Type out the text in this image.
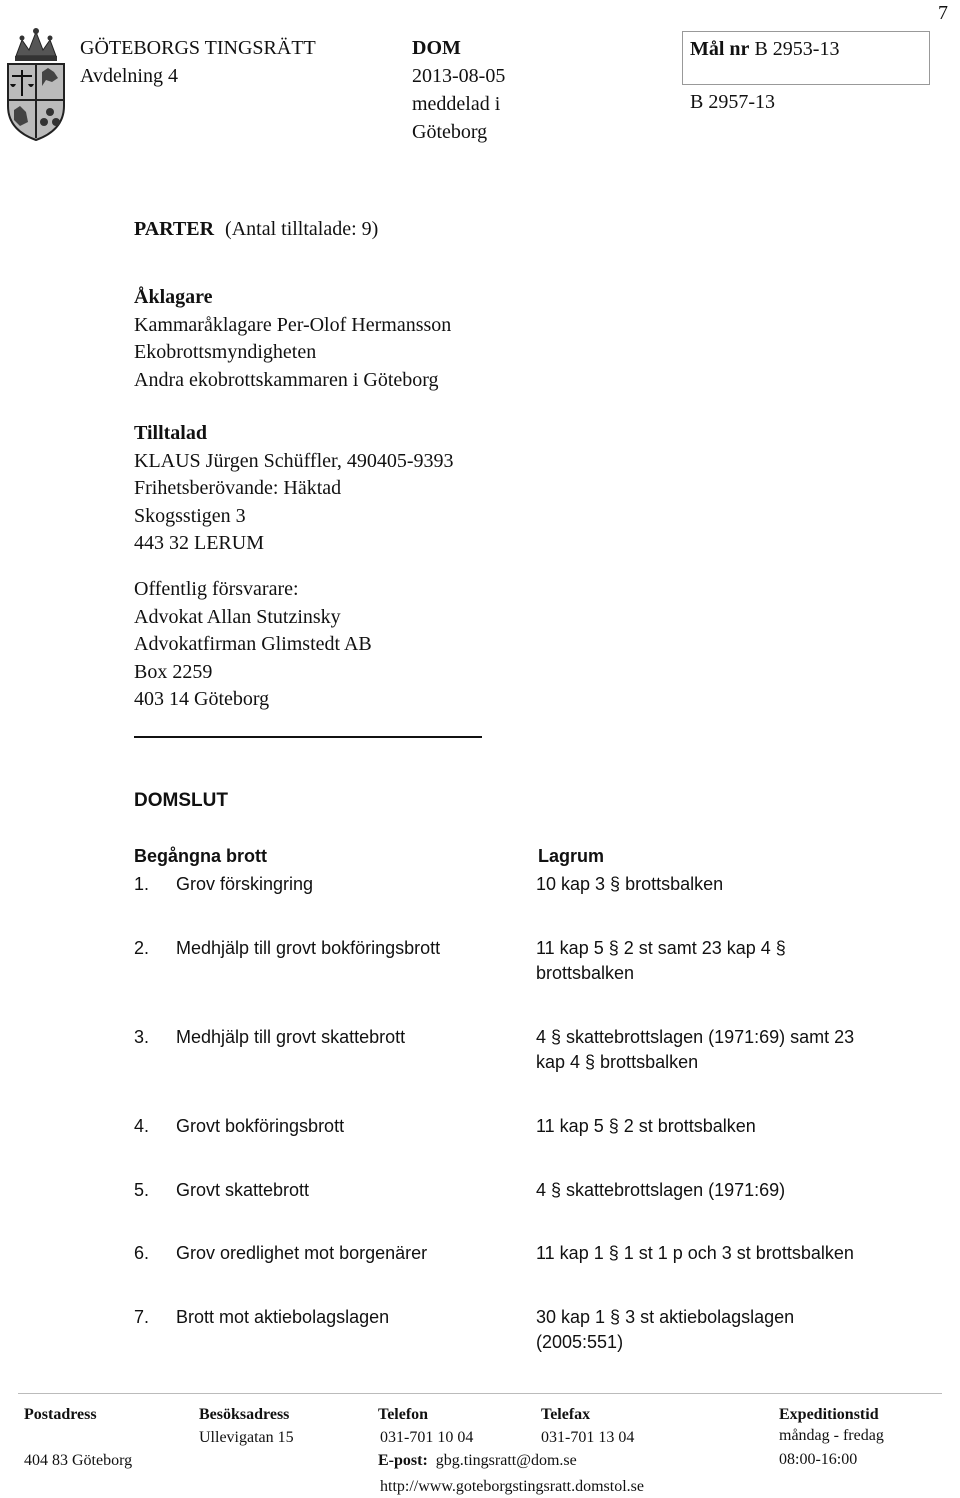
7
GÖTEBORGS TINGSRÄTT
Avdelning 4
DOM
2013-08-05
meddelad i
Göteborg
Mål nr B 2953-13
B 2957-13
PARTER (Antal tilltalade: 9)
Åklagare
Kammaråklagare Per-Olof Hermansson
Ekobrottsmyndigheten
Andra ekobrottskammaren i Göteborg
Tilltalad
KLAUS Jürgen Schüffler, 490405-9393
Frihetsberövande: Häktad
Skogsstigen 3
443 32 LERUM
Offentlig försvarare:
Advokat Allan Stutzinsky
Advokatfirman Glimstedt AB
Box 2259
403 14 Göteborg
DOMSLUT
Begångna brott	Lagrum
1. Grov förskingring	10 kap 3 § brottsbalken
2. Medhjälp till grovt bokföringsbrott	11 kap 5 § 2 st samt 23 kap 4 §
brottsbalken
3. Medhjälp till grovt skattebrott	4 § skattebrottslagen (1971:69) samt 23
kap 4 § brottsbalken
4. Grovt bokföringsbrott	11 kap 5 § 2 st brottsbalken
5. Grovt skattebrott	4 § skattebrottslagen (1971:69)
6. Grov oredlighet mot borgenärer	11 kap 1 § 1 st 1 p och 3 st brottsbalken
7. Brott mot aktiebolagslagen	30 kap 1 § 3 st aktiebolagslagen
(2005:551)
Postadress
404 83 Göteborg
Besöksadress
Ullevigatan 15
Telefon
031-701 10 04
Telefax
031-701 13 04
E-post: gbg.tingsratt@dom.se
http://www.goteborgstingsratt.domstol.se
Expeditionstid
måndag - fredag
08:00-16:00
